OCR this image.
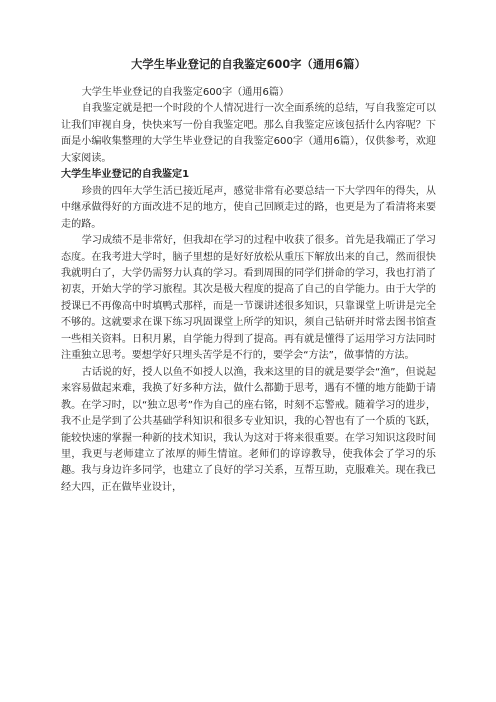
大学生毕业登记的自我鉴定600字（通用6篇）

大学生毕业登记的自我鉴定600字（通用6篇）

自我鉴定就是把一个时段的个人情况进行一次全面系统的总结，写自我鉴定可以让我们审视自身，快快来写一份自我鉴定吧。那么自我鉴定应该包括什么内容呢？下面是小编收集整理的大学生毕业登记的自我鉴定600字（通用6篇），仅供参考，欢迎大家阅读。

大学生毕业登记的自我鉴定1

珍贵的四年大学生活已接近尾声，感觉非常有必要总结一下大学四年的得失，从中继承做得好的方面改进不足的地方，使自己回顾走过的路，也更是为了看清将来要走的路。

学习成绩不是非常好，但我却在学习的过程中收获了很多。首先是我端正了学习态度。在我考进大学时，脑子里想的是好好放松从重压下解放出来的自己，然而很快我就明白了，大学仍需努力认真的学习。看到周围的同学们拼命的学习，我也打消了初衷，开始大学的学习旅程。其次是极大程度的提高了自己的自学能力。由于大学的授课已不再像高中时填鸭式那样，而是一节课讲述很多知识，只靠课堂上听讲是完全不够的。这就要求在课下练习巩固课堂上所学的知识，须自己钻研并时常去图书馆查一些相关资料。日积月累，自学能力得到了提高。再有就是懂得了运用学习方法同时注重独立思考。要想学好只埋头苦学是不行的，要学会“方法”，做事情的方法。

古话说的好，授人以鱼不如授人以渔，我来这里的目的就是要学会“渔”，但说起来容易做起来难，我换了好多种方法，做什么都勤于思考，遇有不懂的地方能勤于请教。在学习时，以“独立思考”作为自己的座右铭，时刻不忘警戒。随着学习的进步，我不止是学到了公共基础学科知识和很多专业知识，我的心智也有了一个质的飞跃，能较快速的掌握一种新的技术知识，我认为这对于将来很重要。在学习知识这段时间里，我更与老师建立了浓厚的师生情谊。老师们的谆谆教导，使我体会了学习的乐趣。我与身边许多同学，也建立了良好的学习关系，互帮互助，克服难关。现在我已经大四，正在做毕业设计，
